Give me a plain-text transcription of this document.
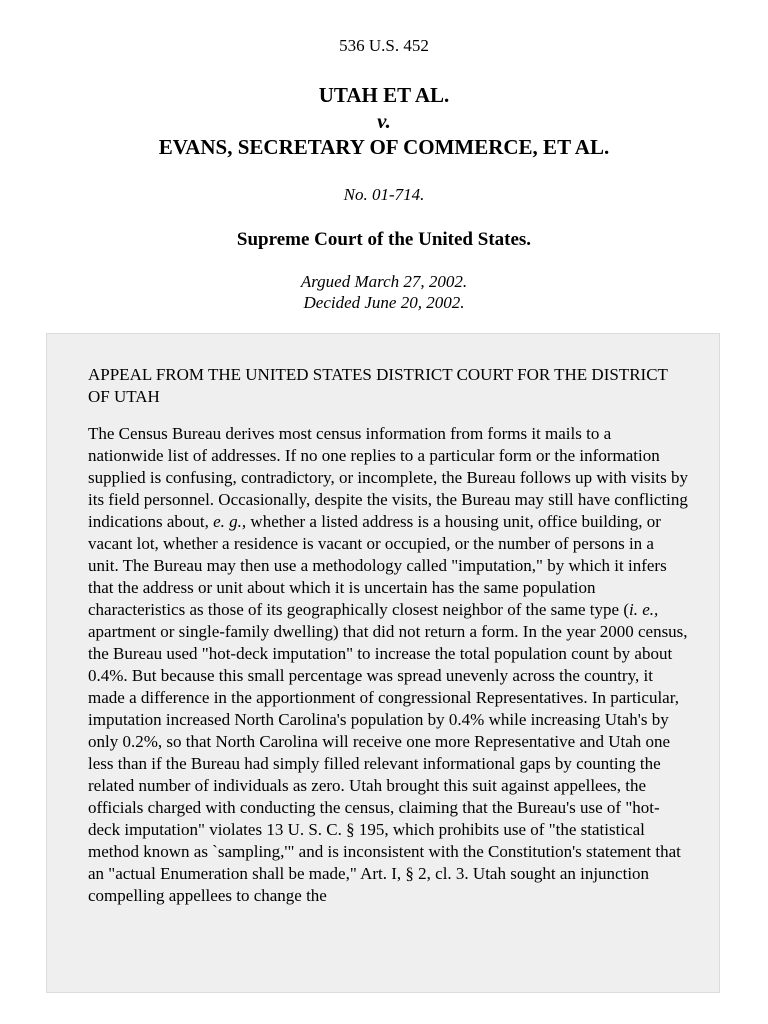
536 U.S. 452
UTAH ET AL.
v.
EVANS, SECRETARY OF COMMERCE, ET AL.
No. 01-714.
Supreme Court of the United States.
Argued March 27, 2002.
Decided June 20, 2002.

APPEAL FROM THE UNITED STATES DISTRICT COURT FOR THE DISTRICT OF UTAH

The Census Bureau derives most census information from forms it mails to a nationwide list of addresses. If no one replies to a particular form or the information supplied is confusing, contradictory, or incomplete, the Bureau follows up with visits by its field personnel. Occasionally, despite the visits, the Bureau may still have conflicting indications about, e. g., whether a listed address is a housing unit, office building, or vacant lot, whether a residence is vacant or occupied, or the number of persons in a unit. The Bureau may then use a methodology called "imputation," by which it infers that the address or unit about which it is uncertain has the same population characteristics as those of its geographically closest neighbor of the same type (i. e., apartment or single-family dwelling) that did not return a form. In the year 2000 census, the Bureau used "hot-deck imputation" to increase the total population count by about 0.4%. But because this small percentage was spread unevenly across the country, it made a difference in the apportionment of congressional Representatives. In particular, imputation increased North Carolina's population by 0.4% while increasing Utah's by only 0.2%, so that North Carolina will receive one more Representative and Utah one less than if the Bureau had simply filled relevant informational gaps by counting the related number of individuals as zero. Utah brought this suit against appellees, the officials charged with conducting the census, claiming that the Bureau's use of "hot-deck imputation" violates 13 U. S. C. § 195, which prohibits use of "the statistical method known as `sampling,'" and is inconsistent with the Constitution's statement that an "actual Enumeration shall be made," Art. I, § 2, cl. 3. Utah sought an injunction compelling appellees to change the
